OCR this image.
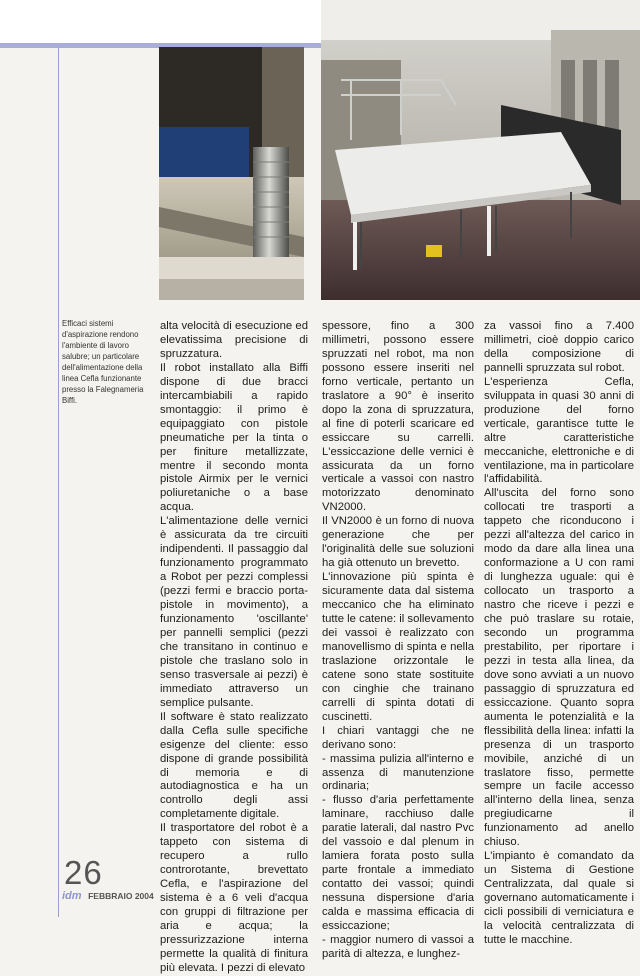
Efficaci sistemi d'aspirazione rendono l'ambiente di lavoro salubre; un particolare dell'alimentazione della linea Cefla funzionante presso la Falegnameria Biffi.

alta velocità di esecuzione ed elevatissima precisione di spruzzatura.

Il robot installato alla Biffi dispone di due bracci intercambiabili a rapido smontaggio: il primo è equipaggiato con pistole pneumatiche per la tinta o per finiture metallizzate, mentre il secondo monta pistole Airmix per le vernici poliuretaniche o a base acqua.

L'alimentazione delle vernici è assicurata da tre circuiti indipendenti. Il passaggio dal funzionamento programmato a Robot per pezzi complessi (pezzi fermi e braccio porta-pistole in movimento), a funzionamento 'oscillante' per pannelli semplici (pezzi che transitano in continuo e pistole che traslano solo in senso trasversale ai pezzi) è immediato attraverso un semplice pulsante.

Il software è stato realizzato dalla Cefla sulle specifiche esigenze del cliente: esso dispone di grande possibilità di memoria e di autodiagnostica e ha un controllo degli assi completamente digitale.

Il trasportatore del robot è a tappeto con sistema di recupero a rullo controrotante, brevettato Cefla, e l'aspirazione del sistema è a 6 veli d'acqua con gruppi di filtrazione per aria e acqua; la pressurizzazione interna permette la qualità di finitura più elevata. I pezzi di elevato

spessore, fino a 300 millimetri, possono essere spruzzati nel robot, ma non possono essere inseriti nel forno verticale, pertanto un traslatore a 90° è inserito dopo la zona di spruzzatura, al fine di poterli scaricare ed essiccare su carrelli. L'essiccazione delle vernici è assicurata da un forno verticale a vassoi con nastro motorizzato denominato VN2000.

Il VN2000 è un forno di nuova generazione che per l'originalità delle sue soluzioni ha già ottenuto un brevetto.

L'innovazione più spinta è sicuramente data dal sistema meccanico che ha eliminato tutte le catene: il sollevamento dei vassoi è realizzato con manovellismo di spinta e nella traslazione orizzontale le catene sono state sostituite con cinghie che trainano carrelli di spinta dotati di cuscinetti.

I chiari vantaggi che ne derivano sono:

- massima pulizia all'interno e assenza di manutenzione ordinaria;

- flusso d'aria perfettamente laminare, racchiuso dalle paratie laterali, dal nastro Pvc del vassoio e dal plenum in lamiera forata posto sulla parte frontale a immediato contatto dei vassoi; quindi nessuna dispersione d'aria calda e massima efficacia di essiccazione;

- maggior numero di vassoi a parità di altezza, e lunghez-

za vassoi fino a 7.400 millimetri, cioè doppio carico della composizione di pannelli spruzzata sul robot.

L'esperienza Cefla, sviluppata in quasi 30 anni di produzione del forno verticale, garantisce tutte le altre caratteristiche meccaniche, elettroniche e di ventilazione, ma in particolare l'affidabilità.

All'uscita del forno sono collocati tre trasporti a tappeto che riconducono i pezzi all'altezza del carico in modo da dare alla linea una conformazione a U con rami di lunghezza uguale: qui è collocato un trasporto a nastro che riceve i pezzi e che può traslare su rotaie, secondo un programma prestabilito, per riportare i pezzi in testa alla linea, da dove sono avviati a un nuovo passaggio di spruzzatura ed essiccazione. Quanto sopra aumenta le potenzialità e la flessibilità della linea: infatti la presenza di un trasporto movibile, anziché di un traslatore fisso, permette sempre un facile accesso all'interno della linea, senza pregiudicarne il funzionamento ad anello chiuso.

L'impianto è comandato da un Sistema di Gestione Centralizzata, dal quale si governano automaticamente i cicli possibili di verniciatura e la velocità centralizzata di tutte le macchine.

26
idm FEBBRAIO 2004
